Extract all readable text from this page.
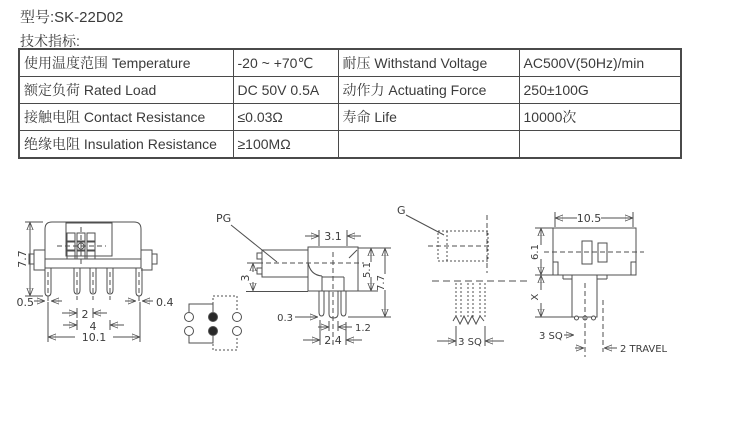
型号:SK-22D02
技术指标:
使用温度范围 Temperature	-20 ~ +70℃	耐压 Withstand Voltage	AC500V(50Hz)/min
额定负荷 Rated Load	DC 50V 0.5A	动作力 Actuating Force	250±100G
接触电阻 Contact Resistance	≤0.03Ω	寿命 Life	10000次
绝缘电阻 Insulation Resistance	≥100MΩ		
7.7
0.5	0.4
2
4
10.1
PG
3.1
3
5.1
7.7
0.3
1.2
2.4
G
3 SQ
10.5
6.1
X
3 SQ
2 TRAVEL
